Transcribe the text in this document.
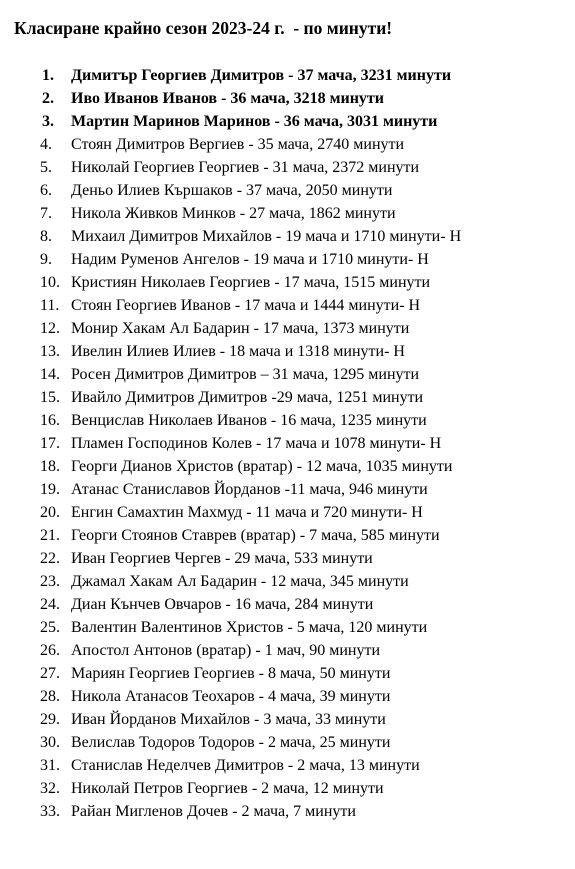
Класиране крайно сезон 2023-24 г.  - по минути!
1.	Димитър Георгиев Димитров - 37 мача, 3231 минути
2.	Иво Иванов Иванов - 36 мача, 3218 минути
3.	Мартин Маринов Маринов - 36 мача, 3031 минути
4.	Стоян Димитров Вергиев - 35 мача, 2740 минути
5.	Николай Георгиев Георгиев - 31 мача, 2372 минути
6.	Деньо Илиев Кършаков - 37 мача, 2050 минути
7.	Никола Живков Минков - 27 мача, 1862 минути
8.	Михаил Димитров Михайлов - 19 мача и 1710 минути- Н
9.	Надим Руменов Ангелов - 19 мача и 1710 минути- Н
10. Кристиян Николаев Георгиев - 17 мача, 1515 минути
11. Стоян Георгиев Иванов - 17 мача и 1444 минути- Н
12. Монир Хакам Ал Бадарин - 17 мача, 1373 минути
13. Ивелин Илиев Илиев - 18 мача и 1318 минути- Н
14. Росен Димитров Димитров – 31 мача, 1295 минути
15. Ивайло Димитров Димитров -29 мача, 1251 минути
16. Венцислав Николаев Иванов - 16 мача, 1235 минути
17. Пламен Господинов Колев - 17 мача и 1078 минути- Н
18. Георги Дианов Христов (вратар) - 12 мача, 1035 минути
19. Атанас Станиславов Йорданов -11 мача, 946 минути
20. Енгин Самахтин Махмуд - 11 мача и 720 минути- Н
21. Георги Стоянов Ставрев (вратар) - 7 мача, 585 минути
22. Иван Георгиев Чергев - 29 мача, 533 минути
23. Джамал Хакам Ал Бадарин - 12 мача, 345 минути
24. Диан Кънчев Овчаров - 16 мача, 284 минути
25. Валентин Валентинов Христов - 5 мача, 120 минути
26. Апостол Антонов (вратар) - 1 мач, 90 минути
27. Мариян Георгиев Георгиев - 8 мача, 50 минути
28. Никола Атанасов Теохаров - 4 мача, 39 минути
29. Иван Йорданов Михайлов - 3 мача, 33 минути
30. Велислав Тодоров Тодоров - 2 мача, 25 минути
31. Станислав Неделчев Димитров - 2 мача, 13 минути
32. Николай Петров Георгиев - 2 мача, 12 минути
33. Райан Мигленов Дочев - 2 мача, 7 минути
